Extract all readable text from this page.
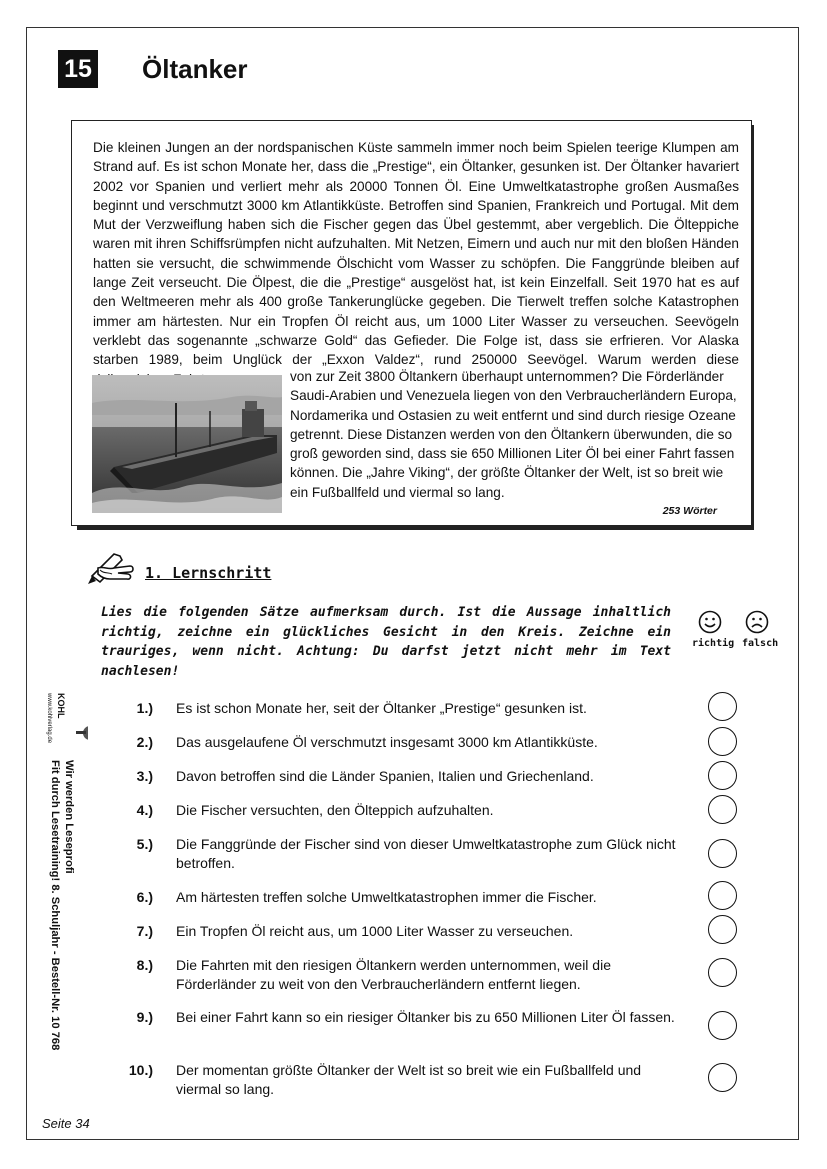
15 Öltanker

Die kleinen Jungen an der nordspanischen Küste sammeln immer noch beim Spielen teerige Klumpen am Strand auf. Es ist schon Monate her, dass die „Prestige“, ein Öltanker, gesunken ist. Der Öltanker havariert 2002 vor Spanien und verliert mehr als 20000 Tonnen Öl. Eine Umweltkatastrophe großen Ausmaßes beginnt und verschmutzt 3000 km Atlantikküste. Betroffen sind Spanien, Frankreich und Portugal. Mit dem Mut der Verzweiflung haben sich die Fischer gegen das Übel gestemmt, aber vergeblich. Die Ölteppiche waren mit ihren Schiffsrümpfen nicht aufzuhalten. Mit Netzen, Eimern und auch nur mit den bloßen Händen hatten sie versucht, die schwimmende Ölschicht vom Wasser zu schöpfen. Die Fanggründe bleiben auf lange Zeit verseucht. Die Ölpest, die die „Prestige“ ausgelöst hat, ist kein Einzelfall. Seit 1970 hat es auf den Weltmeeren mehr als 400 große Tankerunglücke gegeben. Die Tierwelt treffen solche Katastrophen immer am härtesten. Nur ein Tropfen Öl reicht aus, um 1000 Liter Wasser zu verseuchen. Seevögeln verklebt das sogenannte „schwarze Gold“ das Gefieder. Die Folge ist, dass sie erfrieren. Vor Alaska starben 1989, beim Unglück der „Exxon Valdez“, rund 250000 Seevögel. Warum werden diese

von zur Zeit 3800 Öltankern überhaupt unternommen? Die Förderländer Saudi-Arabien und Venezuela liegen von den Verbraucherländern Europa, Nordamerika und Ostasien zu weit entfernt und sind durch riesige Ozeane getrennt. Diese Distanzen werden von den Öltankern überwunden, die so groß geworden sind, dass sie 650 Millionen Liter Öl bei einer Fahrt fassen können. Die „Jahre Viking“, der größte Öltanker der Welt, ist so breit wie ein Fußballfeld und viermal so lang.

253 Wörter
1. Lernschritt

Lies die folgenden Sätze aufmerksam durch. Ist die Aussage inhaltlich richtig, zeichne ein glückliches Gesicht in den Kreis. Zeichne ein trauriges, wenn nicht. Achtung: Du darfst jetzt nicht mehr im Text nachlesen!

richtig falsch
KOHL
www.kohlverlag.de
Wir werden Leseprofi
Fit durch Lesetraining! 8. Schuljahr - Bestell-Nr. 10 768
1.) Es ist schon Monate her, seit der Öltanker „Prestige“ gesunken ist.
2.) Das ausgelaufene Öl verschmutzt insgesamt 3000 km Atlantikküste.
3.) Davon betroffen sind die Länder Spanien, Italien und Griechenland.
4.) Die Fischer versuchten, den Ölteppich aufzuhalten.
5.) Die Fanggründe der Fischer sind von dieser Umweltkatastrophe zum Glück nicht betroffen.
6.) Am härtesten treffen solche Umweltkatastrophen immer die Fischer.
7.) Ein Tropfen Öl reicht aus, um 1000 Liter Wasser zu verseuchen.
8.) Die Fahrten mit den riesigen Öltankern werden unternommen, weil die Förderländer zu weit von den Verbraucherländern entfernt liegen.
9.) Bei einer Fahrt kann so ein riesiger Öltanker bis zu 650 Millionen Liter Öl fassen.
10.) Der momentan größte Öltanker der Welt ist so breit wie ein Fußballfeld und viermal so lang.
Seite 34
